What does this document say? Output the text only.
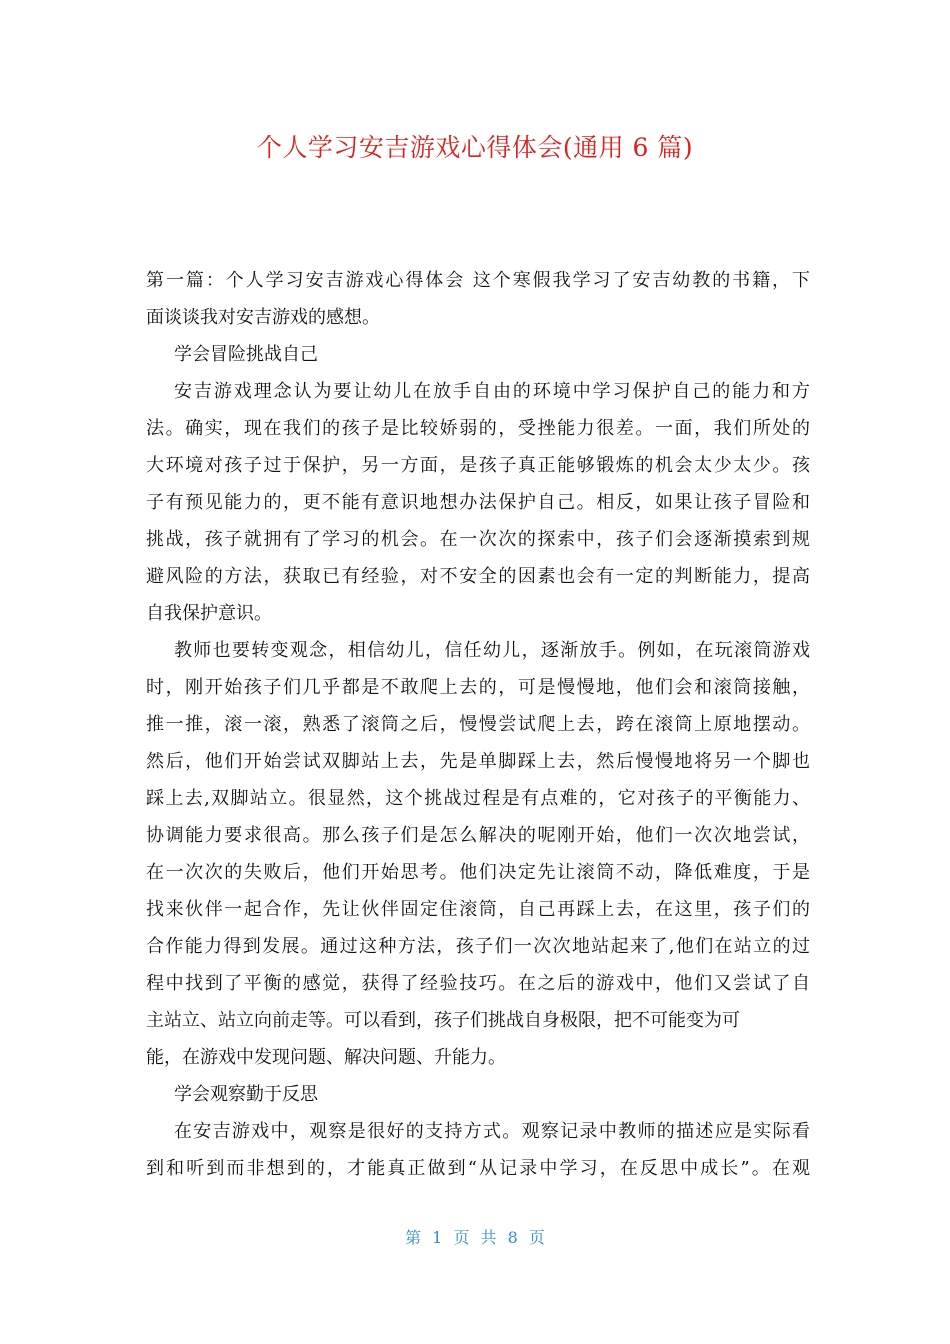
个人学习安吉游戏心得体会(通用 6 篇)
第一篇：个人学习安吉游戏心得体会 这个寒假我学习了安吉幼教的书籍，下
面谈谈我对安吉游戏的感想。
学会冒险挑战自己
安吉游戏理念认为要让幼儿在放手自由的环境中学习保护自己的能力和方
法。确实，现在我们的孩子是比较娇弱的，受挫能力很差。一面，我们所处的
大环境对孩子过于保护，另一方面，是孩子真正能够锻炼的机会太少太少。孩
子有预见能力的，更不能有意识地想办法保护自己。相反，如果让孩子冒险和
挑战，孩子就拥有了学习的机会。在一次次的探索中，孩子们会逐渐摸索到规
避风险的方法，获取已有经验，对不安全的因素也会有一定的判断能力，提高
自我保护意识。
教师也要转变观念，相信幼儿，信任幼儿，逐渐放手。例如，在玩滚筒游戏
时，刚开始孩子们几乎都是不敢爬上去的，可是慢慢地，他们会和滚筒接触，
推一推，滚一滚，熟悉了滚筒之后，慢慢尝试爬上去，跨在滚筒上原地摆动。
然后，他们开始尝试双脚站上去，先是单脚踩上去，然后慢慢地将另一个脚也
踩上去,双脚站立。很显然，这个挑战过程是有点难的，它对孩子的平衡能力、
协调能力要求很高。那么孩子们是怎么解决的呢刚开始，他们一次次地尝试，
在一次次的失败后，他们开始思考。他们决定先让滚筒不动，降低难度，于是
找来伙伴一起合作，先让伙伴固定住滚筒，自己再踩上去，在这里，孩子们的
合作能力得到发展。通过这种方法，孩子们一次次地站起来了,他们在站立的过
程中找到了平衡的感觉，获得了经验技巧。在之后的游戏中，他们又尝试了自
主站立、站立向前走等。可以看到，孩子们挑战自身极限，把不可能变为可
能，在游戏中发现问题、解决问题、升能力。
学会观察勤于反思
在安吉游戏中，观察是很好的支持方式。观察记录中教师的描述应是实际看
到和听到而非想到的，才能真正做到“从记录中学习，在反思中成长”。在观
第 1 页 共 8 页
